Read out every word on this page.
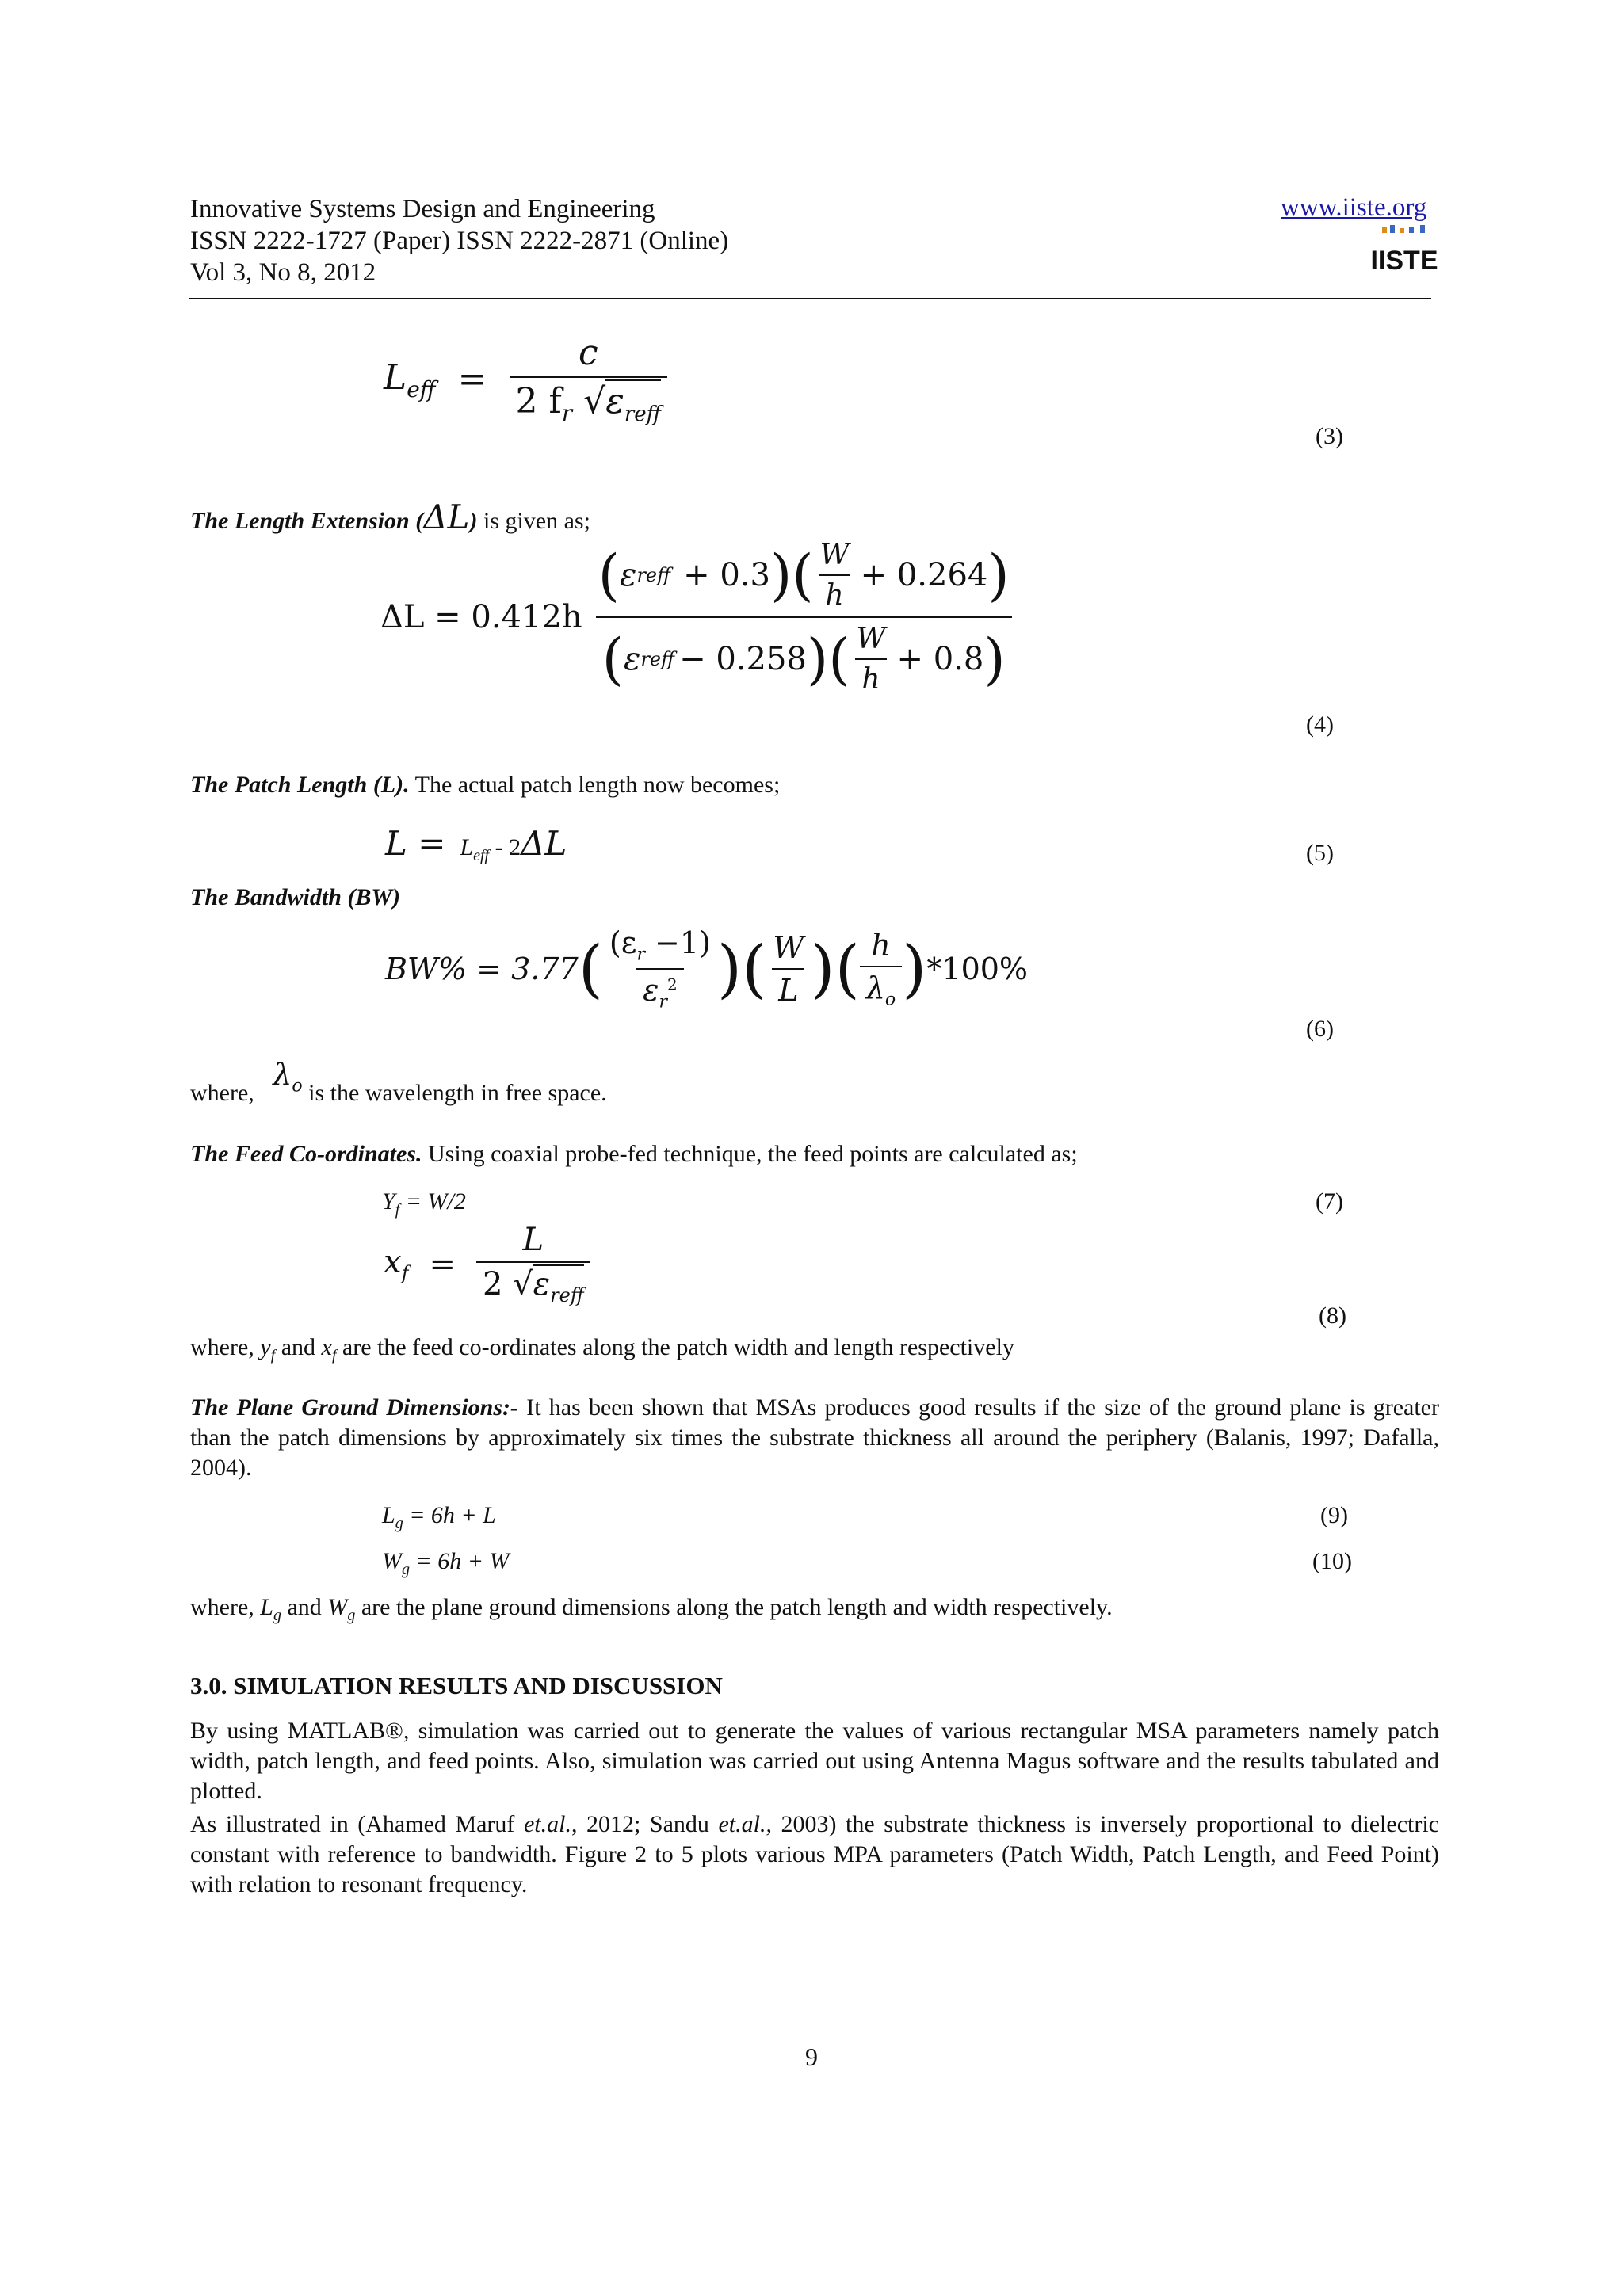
Innovative Systems Design and Engineering
ISSN 2222-1727 (Paper) ISSN 2222-2871 (Online)
Vol 3, No 8, 2012
www.iiste.org
IISTE
$L_{eff} = \frac{c}{2 f_r √\varepsilon_{reff}}$
(3)
The Length Extension (ΔL) is given as;
$\Delta L = 0.412h \frac{( \varepsilon reff + 0.3 ) ( \frac{W}{h} + 0.264 )}{( \varepsilon reff - 0.258 ) ( \frac{W}{h} + 0.8 )}$
(4)
The Patch Length (L). The actual patch length now becomes;
$L = L_{eff} - 2$ ΔL	(5)
The Bandwidth (BW)
BW% = 3.77 ( $\frac{(\varepsilon_r -1)}{\varepsilon_r^2}$ ) ( $\frac{W}{L}$ ) ( $\frac{h}{\lambda_o}$ ) *100%
(6)
where, $\lambda_o$ is the wavelength in free space.
The Feed Co-ordinates. Using coaxial probe-fed technique, the feed points are calculated as;
$Y_f = W/2$	(7)
$x_f = \frac{L}{2 √\varepsilon_{reff}}$
(8)
where, $y_f$ and $x_f$ are the feed co-ordinates along the patch width and length respectively
The Plane Ground Dimensions:- It has been shown that MSAs produces good results if the size of the ground plane is greater than the patch dimensions by approximately six times the substrate thickness all around the periphery (Balanis, 1997; Dafalla, 2004).
$L_g = 6h + L$	(9)
$W_g = 6h + W$	(10)
where, $L_g$ and $W_g$ are the plane ground dimensions along the patch length and width respectively.
3.0. SIMULATION RESULTS AND DISCUSSION
By using MATLAB®, simulation was carried out to generate the values of various rectangular MSA parameters namely patch width, patch length, and feed points. Also, simulation was carried out using Antenna Magus software and the results tabulated and plotted.
As illustrated in (Ahamed Maruf et.al., 2012; Sandu et.al., 2003) the substrate thickness is inversely proportional to dielectric constant with reference to bandwidth. Figure 2 to 5 plots various MPA parameters (Patch Width, Patch Length, and Feed Point) with relation to resonant frequency.
9
